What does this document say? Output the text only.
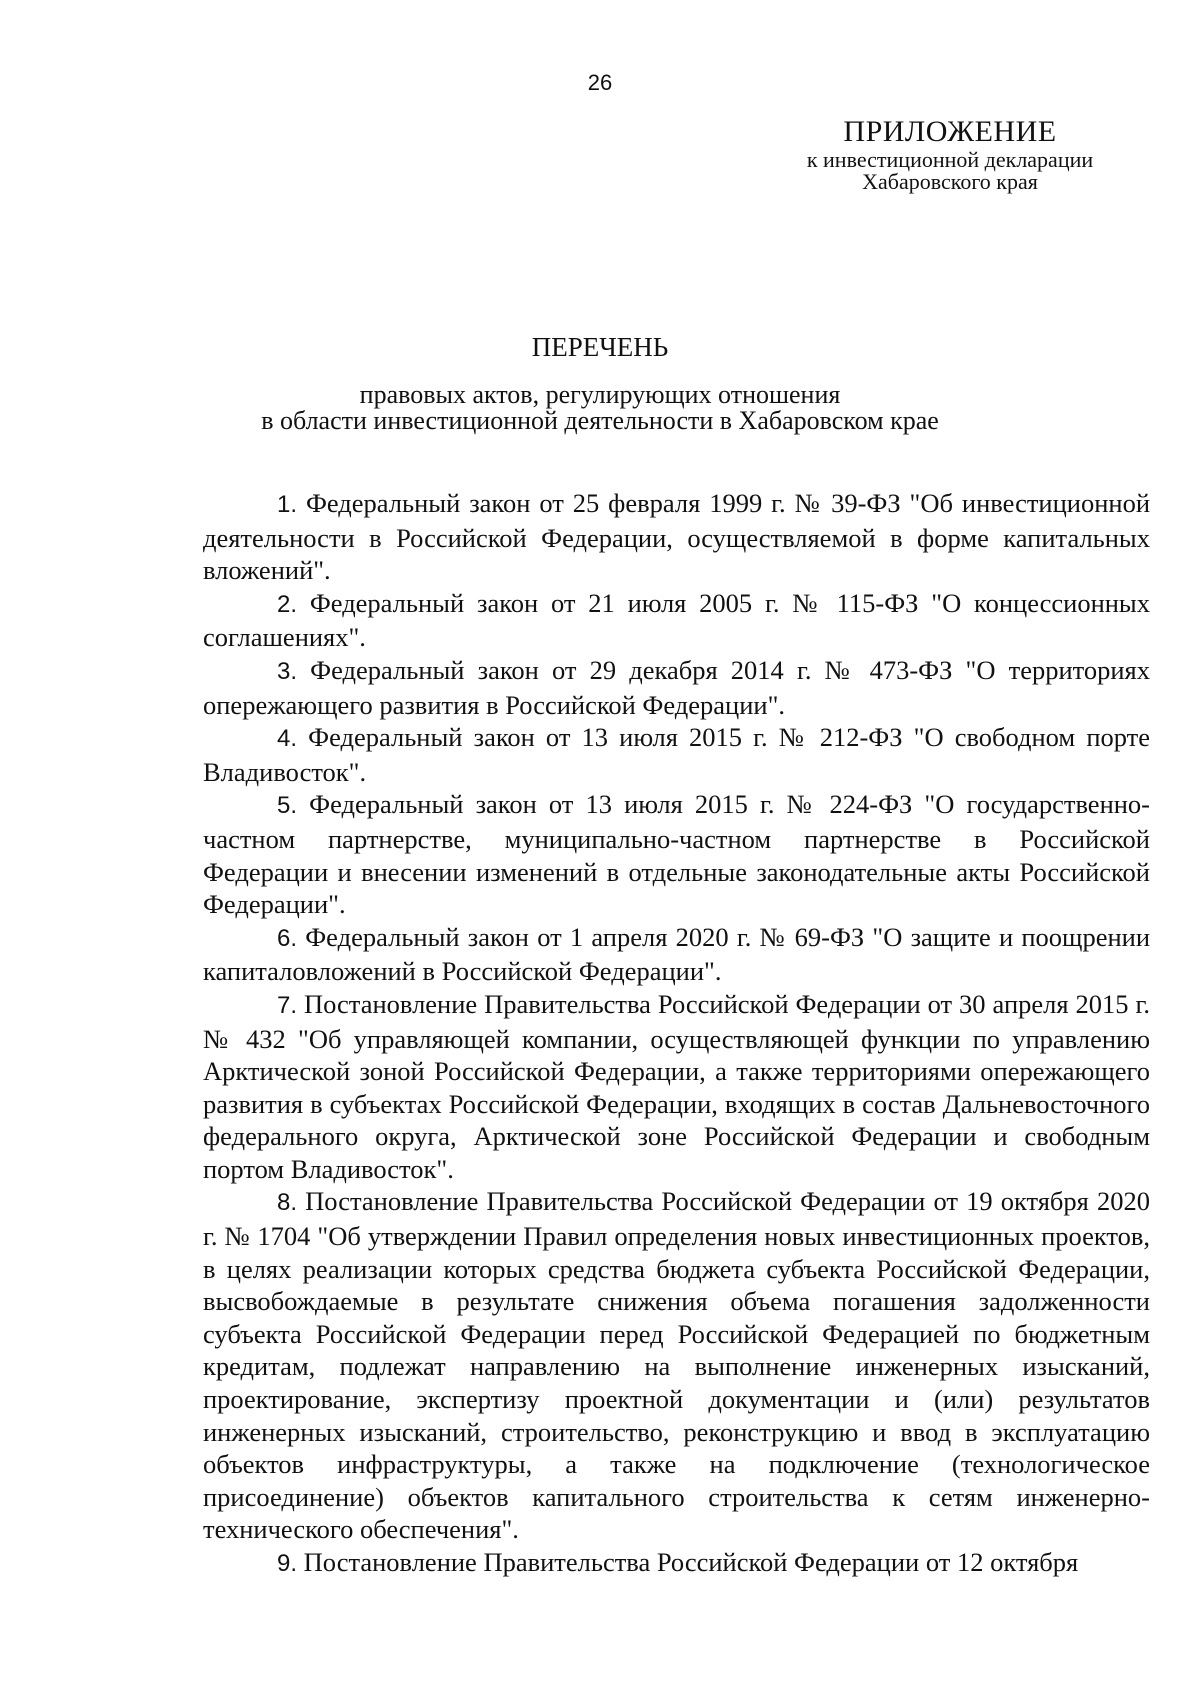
26
ПРИЛОЖЕНИЕ
к инвестиционной декларации
Хабаровского края
ПЕРЕЧЕНЬ
правовых актов, регулирующих отношения
в области инвестиционной деятельности в Хабаровском крае

1. Федеральный закон от 25 февраля 1999 г. № 39-ФЗ "Об инвестиционной деятельности в Российской Федерации, осуществляемой в форме капитальных вложений".

2. Федеральный закон от 21 июля 2005 г. № 115-ФЗ "О концессионных соглашениях".

3. Федеральный закон от 29 декабря 2014 г. № 473-ФЗ "О территориях опережающего развития в Российской Федерации".

4. Федеральный закон от 13 июля 2015 г. № 212-ФЗ "О свободном порте Владивосток".

5. Федеральный закон от 13 июля 2015 г. № 224-ФЗ "О государственно-частном партнерстве, муниципально-частном партнерстве в Российской Федерации и внесении изменений в отдельные законодательные акты Российской Федерации".

6. Федеральный закон от 1 апреля 2020 г. № 69-ФЗ "О защите и поощрении капиталовложений в Российской Федерации".

7. Постановление Правительства Российской Федерации от 30 апреля 2015 г. № 432 "Об управляющей компании, осуществляющей функции по управлению Арктической зоной Российской Федерации, а также территориями опережающего развития в субъектах Российской Федерации, входящих в состав Дальневосточного федерального округа, Арктической зоне Российской Федерации и свободным портом Владивосток".

8. Постановление Правительства Российской Федерации от 19 октября 2020 г. № 1704 "Об утверждении Правил определения новых инвестиционных проектов, в целях реализации которых средства бюджета субъекта Российской Федерации, высвобождаемые в результате снижения объема погашения задолженности субъекта Российской Федерации перед Российской Федерацией по бюджетным кредитам, подлежат направлению на выполнение инженерных изысканий, проектирование, экспертизу проектной документации и (или) результатов инженерных изысканий, строительство, реконструкцию и ввод в эксплуатацию объектов инфраструктуры, а также на подключение (технологическое присоединение) объектов капитального строительства к сетям инженерно-технического обеспечения".

9. Постановление Правительства Российской Федерации от 12 октября
